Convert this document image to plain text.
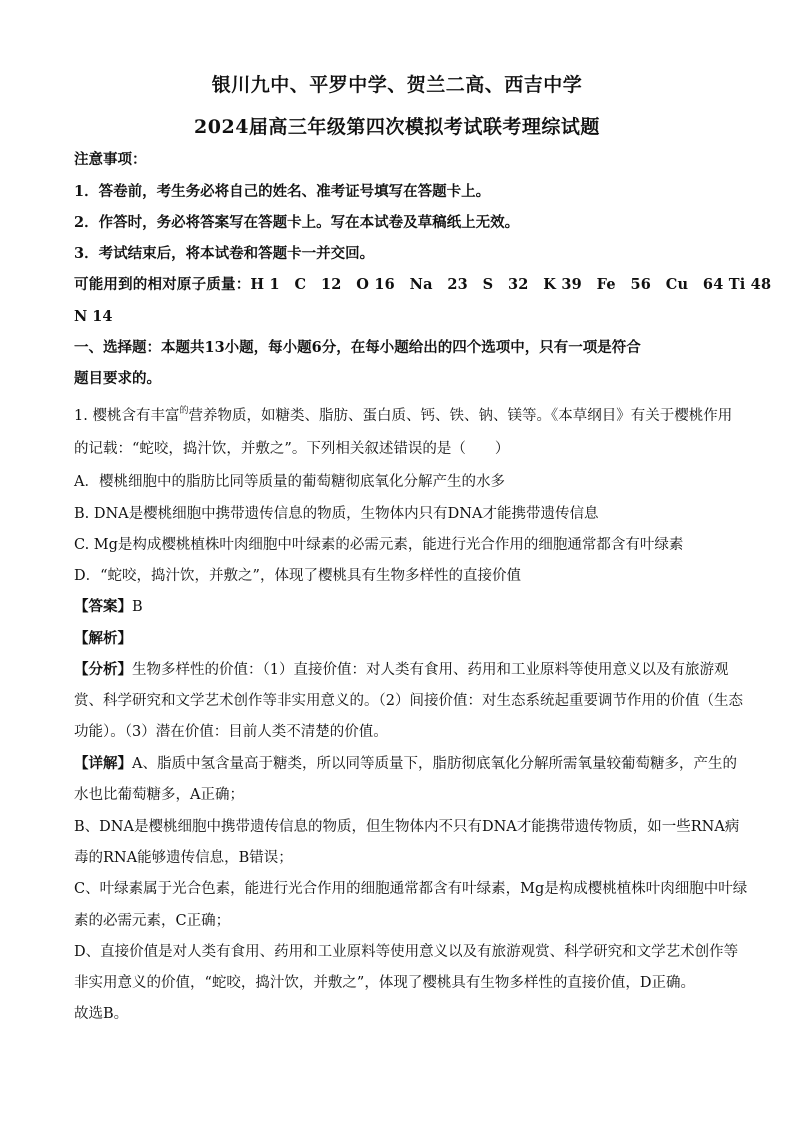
银川九中、平罗中学、贺兰二高、西吉中学
2024届高三年级第四次模拟考试联考理综试题
注意事项：
1．答卷前，考生务必将自己的姓名、准考证号填写在答题卡上。
2．作答时，务必将答案写在答题卡上。写在本试卷及草稿纸上无效。
3．考试结束后，将本试卷和答题卡一并交回。
可能用到的相对原子质量：H 1　C　12　O 16　Na　23　S　32　K 39　Fe　56　Cu　64 Ti 48
N 14
一、选择题：本题共13小题，每小题6分，在每小题给出的四个选项中，只有一项是符合
题目要求的。
1. 樱桃含有丰富$^的$营养物质，如糖类、脂肪、蛋白质、钙、铁、钠、镁等。《本草纲目》有关于樱桃作用
的记载：“蛇咬，捣汁饮，并敷之”。下列相关叙述错误的是（　　）
A．樱桃细胞中的脂肪比同等质量的葡萄糖彻底氧化分解产生的水多
B. DNA是樱桃细胞中携带遗传信息的物质，生物体内只有DNA才能携带遗传信息
C. Mg是构成樱桃植株叶肉细胞中叶绿素的必需元素，能进行光合作用的细胞通常都含有叶绿素
D．“蛇咬，捣汁饮，并敷之”，体现了樱桃具有生物多样性的直接价值
【答案】B
【解析】
【分析】生物多样性的价值：（1）直接价值：对人类有食用、药用和工业原料等使用意义以及有旅游观
赏、科学研究和文学艺术创作等非实用意义的。（2）间接价值：对生态系统起重要调节作用的价值（生态
功能）。（3）潜在价值：目前人类不清楚的价值。
【详解】A、脂质中氢含量高于糖类，所以同等质量下，脂肪彻底氧化分解所需氧量较葡萄糖多，产生的
水也比葡萄糖多，A正确；
B、DNA是樱桃细胞中携带遗传信息的物质，但生物体内不只有DNA才能携带遗传物质，如一些RNA病
毒的RNA能够遗传信息，B错误；
C、叶绿素属于光合色素，能进行光合作用的细胞通常都含有叶绿素，Mg是构成樱桃植株叶肉细胞中叶绿
素的必需元素，C正确；
D、直接价值是对人类有食用、药用和工业原料等使用意义以及有旅游观赏、科学研究和文学艺术创作等
非实用意义的价值，“蛇咬，捣汁饮，并敷之”，体现了樱桃具有生物多样性的直接价值，D正确。
故选B。
